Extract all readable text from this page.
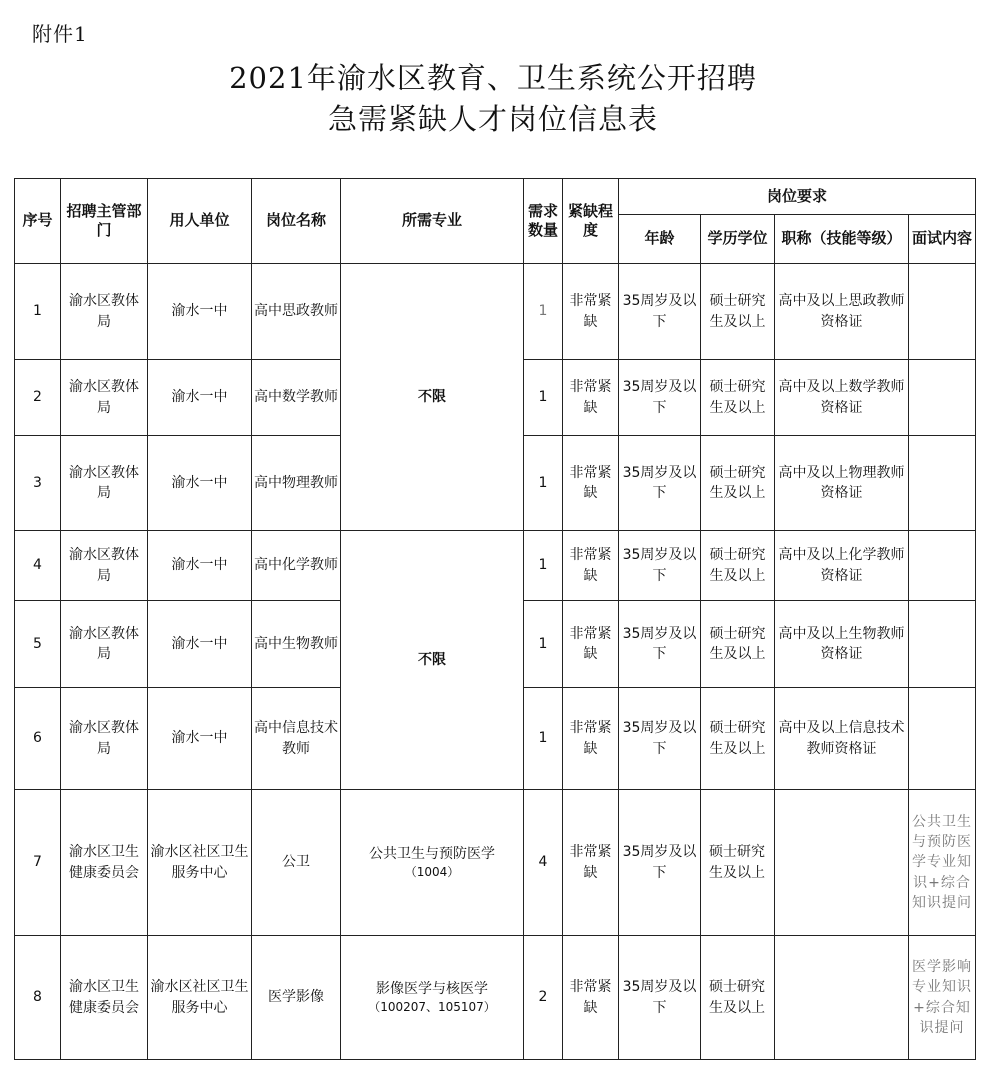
附件1
2021年渝水区教育、卫生系统公开招聘
急需紧缺人才岗位信息表
序号	招聘主管部门	用人单位	岗位名称	所需专业	需求数量	紧缺程度	岗位要求			
							年龄	学历学位	职称（技能等级）	面试内容
1	渝水区教体局	渝水一中	高中思政教师	不限	1	非常紧缺	35周岁及以下	硕士研究生及以上	高中及以上思政教师资格证	
2	渝水区教体局	渝水一中	高中数学教师		1	非常紧缺	35周岁及以下	硕士研究生及以上	高中及以上数学教师资格证	
3	渝水区教体局	渝水一中	高中物理教师		1	非常紧缺	35周岁及以下	硕士研究生及以上	高中及以上物理教师资格证	
4	渝水区教体局	渝水一中	高中化学教师	不限	1	非常紧缺	35周岁及以下	硕士研究生及以上	高中及以上化学教师资格证	
5	渝水区教体局	渝水一中	高中生物教师		1	非常紧缺	35周岁及以下	硕士研究生及以上	高中及以上生物教师资格证	
6	渝水区教体局	渝水一中	高中信息技术教师		1	非常紧缺	35周岁及以下	硕士研究生及以上	高中及以上信息技术教师资格证	
7	渝水区卫生健康委员会	渝水区社区卫生服务中心	公卫	公共卫生与预防医学
（1004）	4	非常紧缺	35周岁及以下	硕士研究生及以上		公共卫生与预防医学专业知识+综合知识提问
8	渝水区卫生健康委员会	渝水区社区卫生服务中心	医学影像	影像医学与核医学
（100207、105107）	2	非常紧缺	35周岁及以下	硕士研究生及以上		医学影响专业知识+综合知识提问
